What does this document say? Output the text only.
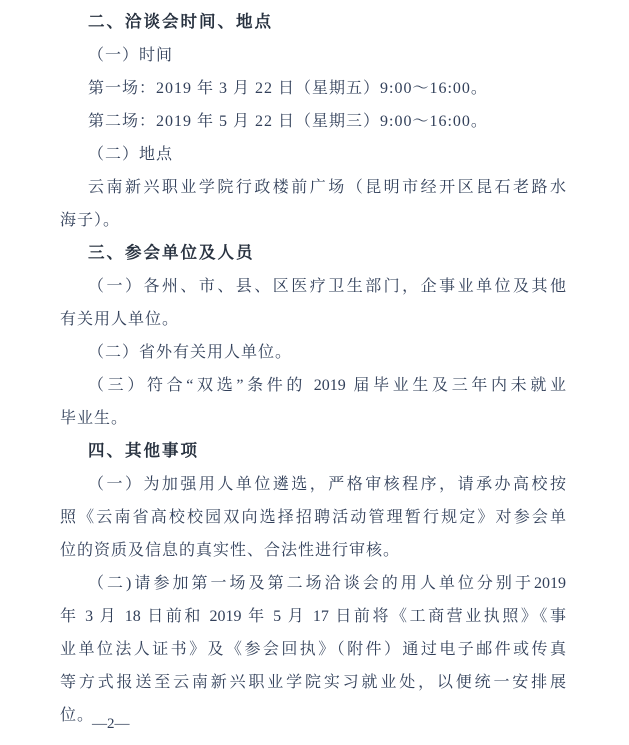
二、洽谈会时间、地点
（一）时间
第一场：2019 年 3 月 22 日（星期五）9:00～16:00。
第二场：2019 年 5 月 22 日（星期三）9:00～16:00。
（二）地点
云南新兴职业学院行政楼前广场（昆明市经开区昆石老路水
海子）。
三、参会单位及人员
（一）各州、市、县、区医疗卫生部门，企事业单位及其他
有关用人单位。
（二）省外有关用人单位。
（三）符合“双选”条件的 2019 届毕业生及三年内未就业
毕业生。
四、其他事项
（一）为加强用人单位遴选，严格审核程序，请承办高校按
照《云南省高校校园双向选择招聘活动管理暂行规定》对参会单
位的资质及信息的真实性、合法性进行审核。
（二)请参加第一场及第二场洽谈会的用人单位分别于2019
年 3 月 18 日前和 2019 年 5 月 17 日前将《工商营业执照》《事
业单位法人证书》及《参会回执》（附件）通过电子邮件或传真
等方式报送至云南新兴职业学院实习就业处，以便统一安排展
位。
—2—
